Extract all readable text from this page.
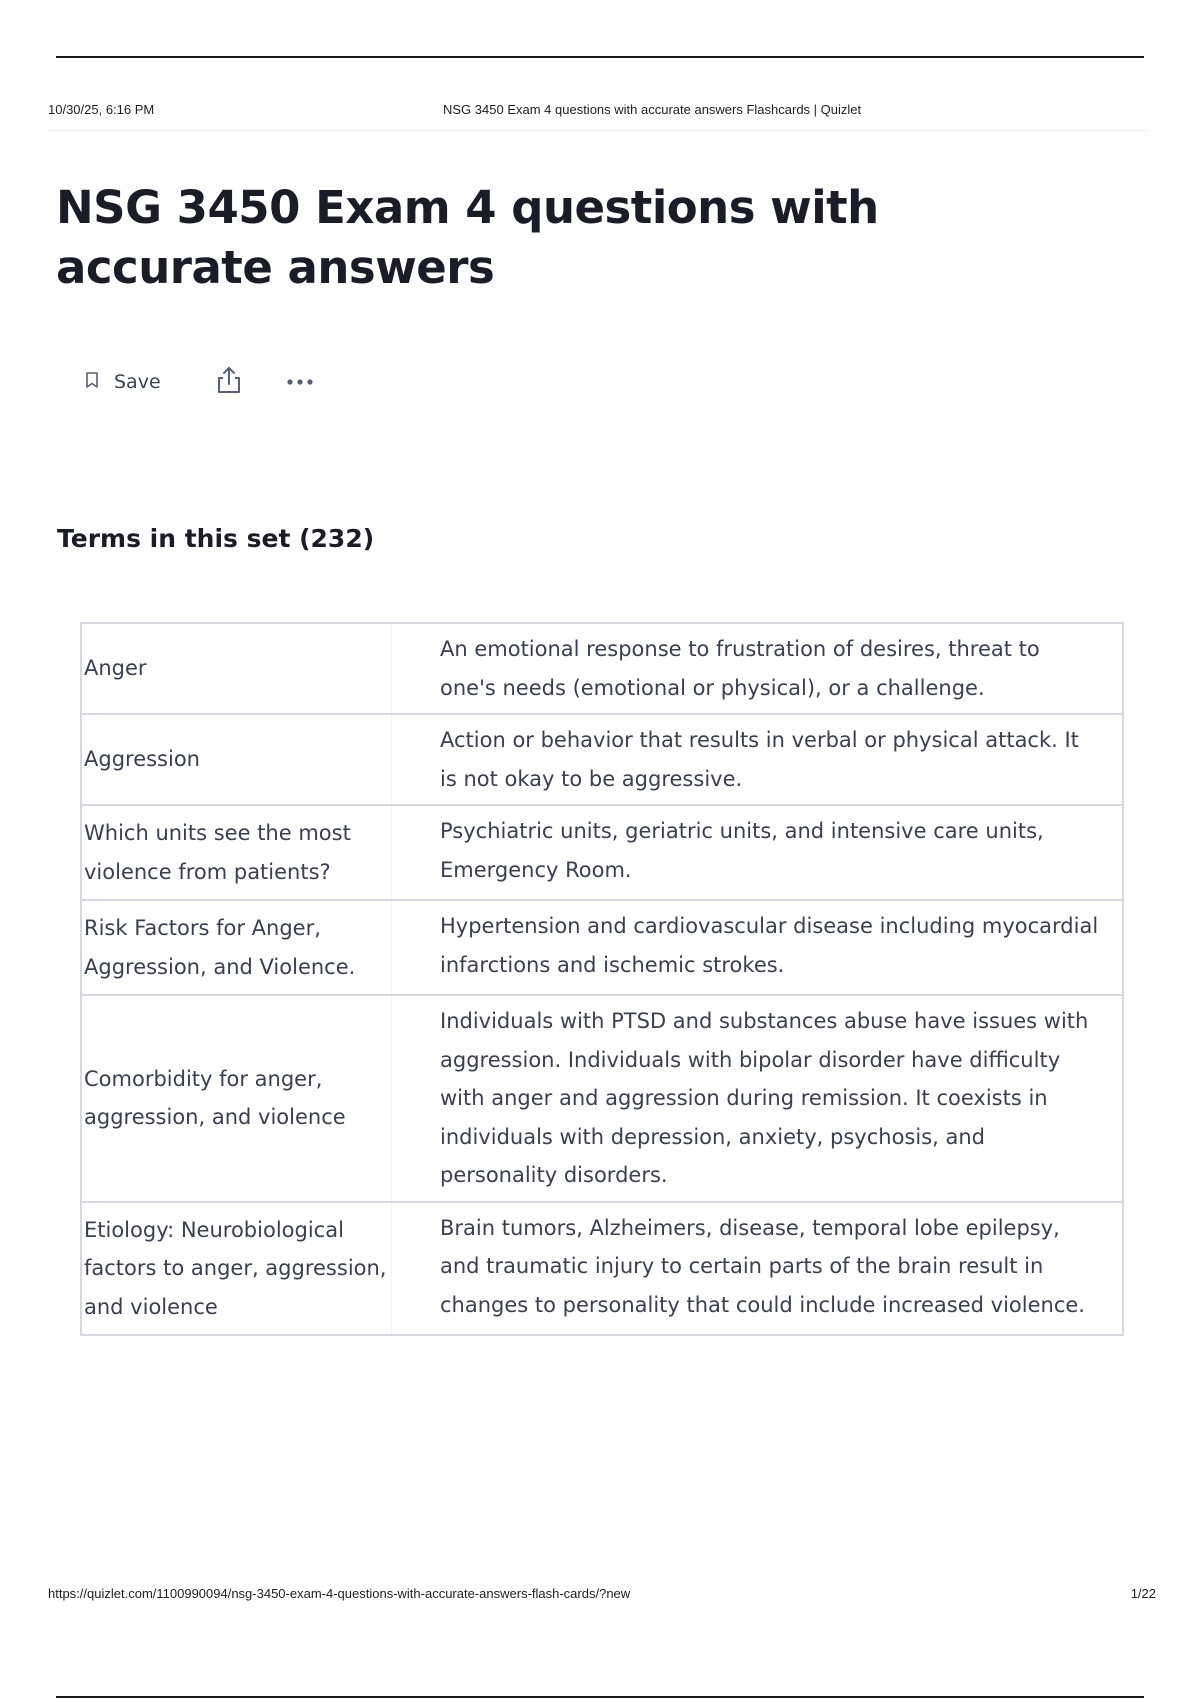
10/30/25, 6:16 PM	NSG 3450 Exam 4 questions with accurate answers Flashcards | Quizlet
NSG 3450 Exam 4 questions with accurate answers
Save
Terms in this set (232)
Anger
An emotional response to frustration of desires, threat to one's needs (emotional or physical), or a challenge.
Aggression
Action or behavior that results in verbal or physical attack. It is not okay to be aggressive.
Which units see the most violence from patients?
Psychiatric units, geriatric units, and intensive care units, Emergency Room.
Risk Factors for Anger, Aggression, and Violence.
Hypertension and cardiovascular disease including myocardial infarctions and ischemic strokes.
Comorbidity for anger, aggression, and violence
Individuals with PTSD and substances abuse have issues with aggression. Individuals with bipolar disorder have difficulty with anger and aggression during remission. It coexists in individuals with depression, anxiety, psychosis, and personality disorders.
Etiology: Neurobiological factors to anger, aggression, and violence
Brain tumors, Alzheimers, disease, temporal lobe epilepsy, and traumatic injury to certain parts of the brain result in changes to personality that could include increased violence.
https://quizlet.com/1100990094/nsg-3450-exam-4-questions-with-accurate-answers-flash-cards/?new	1/22
